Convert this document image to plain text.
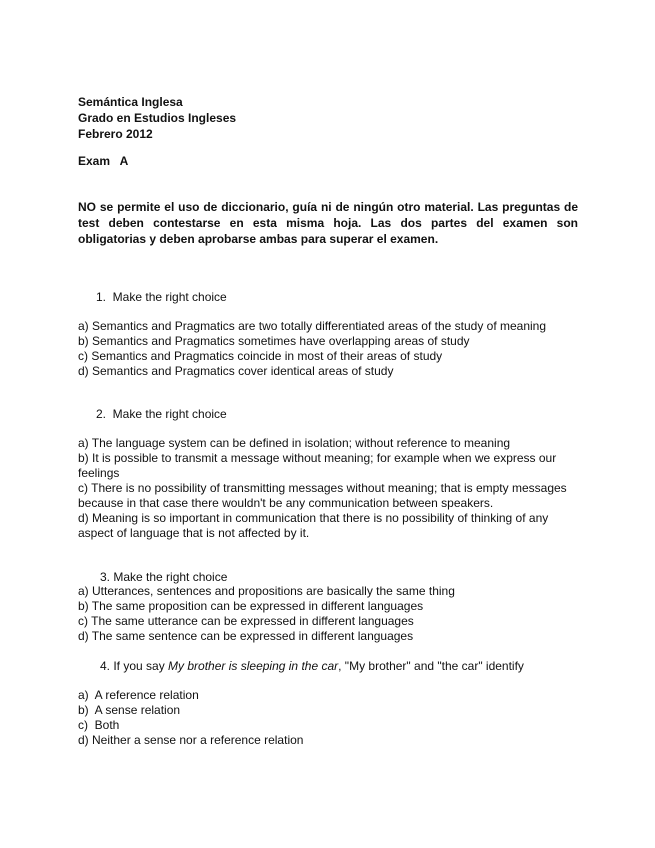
Semántica Inglesa
Grado en Estudios Ingleses
Febrero 2012
Exam   A
NO se permite el uso de diccionario, guía ni de ningún otro material. Las preguntas de test deben contestarse en esta misma hoja. Las dos partes del examen son obligatorias y deben aprobarse ambas para superar el examen.
1.  Make the right choice
a) Semantics and Pragmatics are two totally differentiated areas of the study of meaning
b) Semantics and Pragmatics sometimes have overlapping areas of study
c) Semantics and Pragmatics coincide in most of their areas of study
d) Semantics and Pragmatics cover identical areas of study
2.  Make the right choice
a) The language system can be defined in isolation; without reference to meaning
b) It is possible to transmit a message without meaning; for example when we express our feelings
c) There is no possibility of transmitting messages without meaning; that is empty messages because in that case there wouldn't be any communication between speakers.
d) Meaning is so important in communication that there is no possibility of thinking of any aspect of language that is not affected by it.
3. Make the right choice
a) Utterances, sentences and propositions are basically the same thing
b) The same proposition can be expressed in different languages
c) The same utterance can be expressed in different languages
d) The same sentence can be expressed in different languages
4. If you say My brother is sleeping in the car, "My brother" and "the car" identify
a)  A reference relation
b)  A sense relation
c)  Both
d) Neither a sense nor a reference relation
